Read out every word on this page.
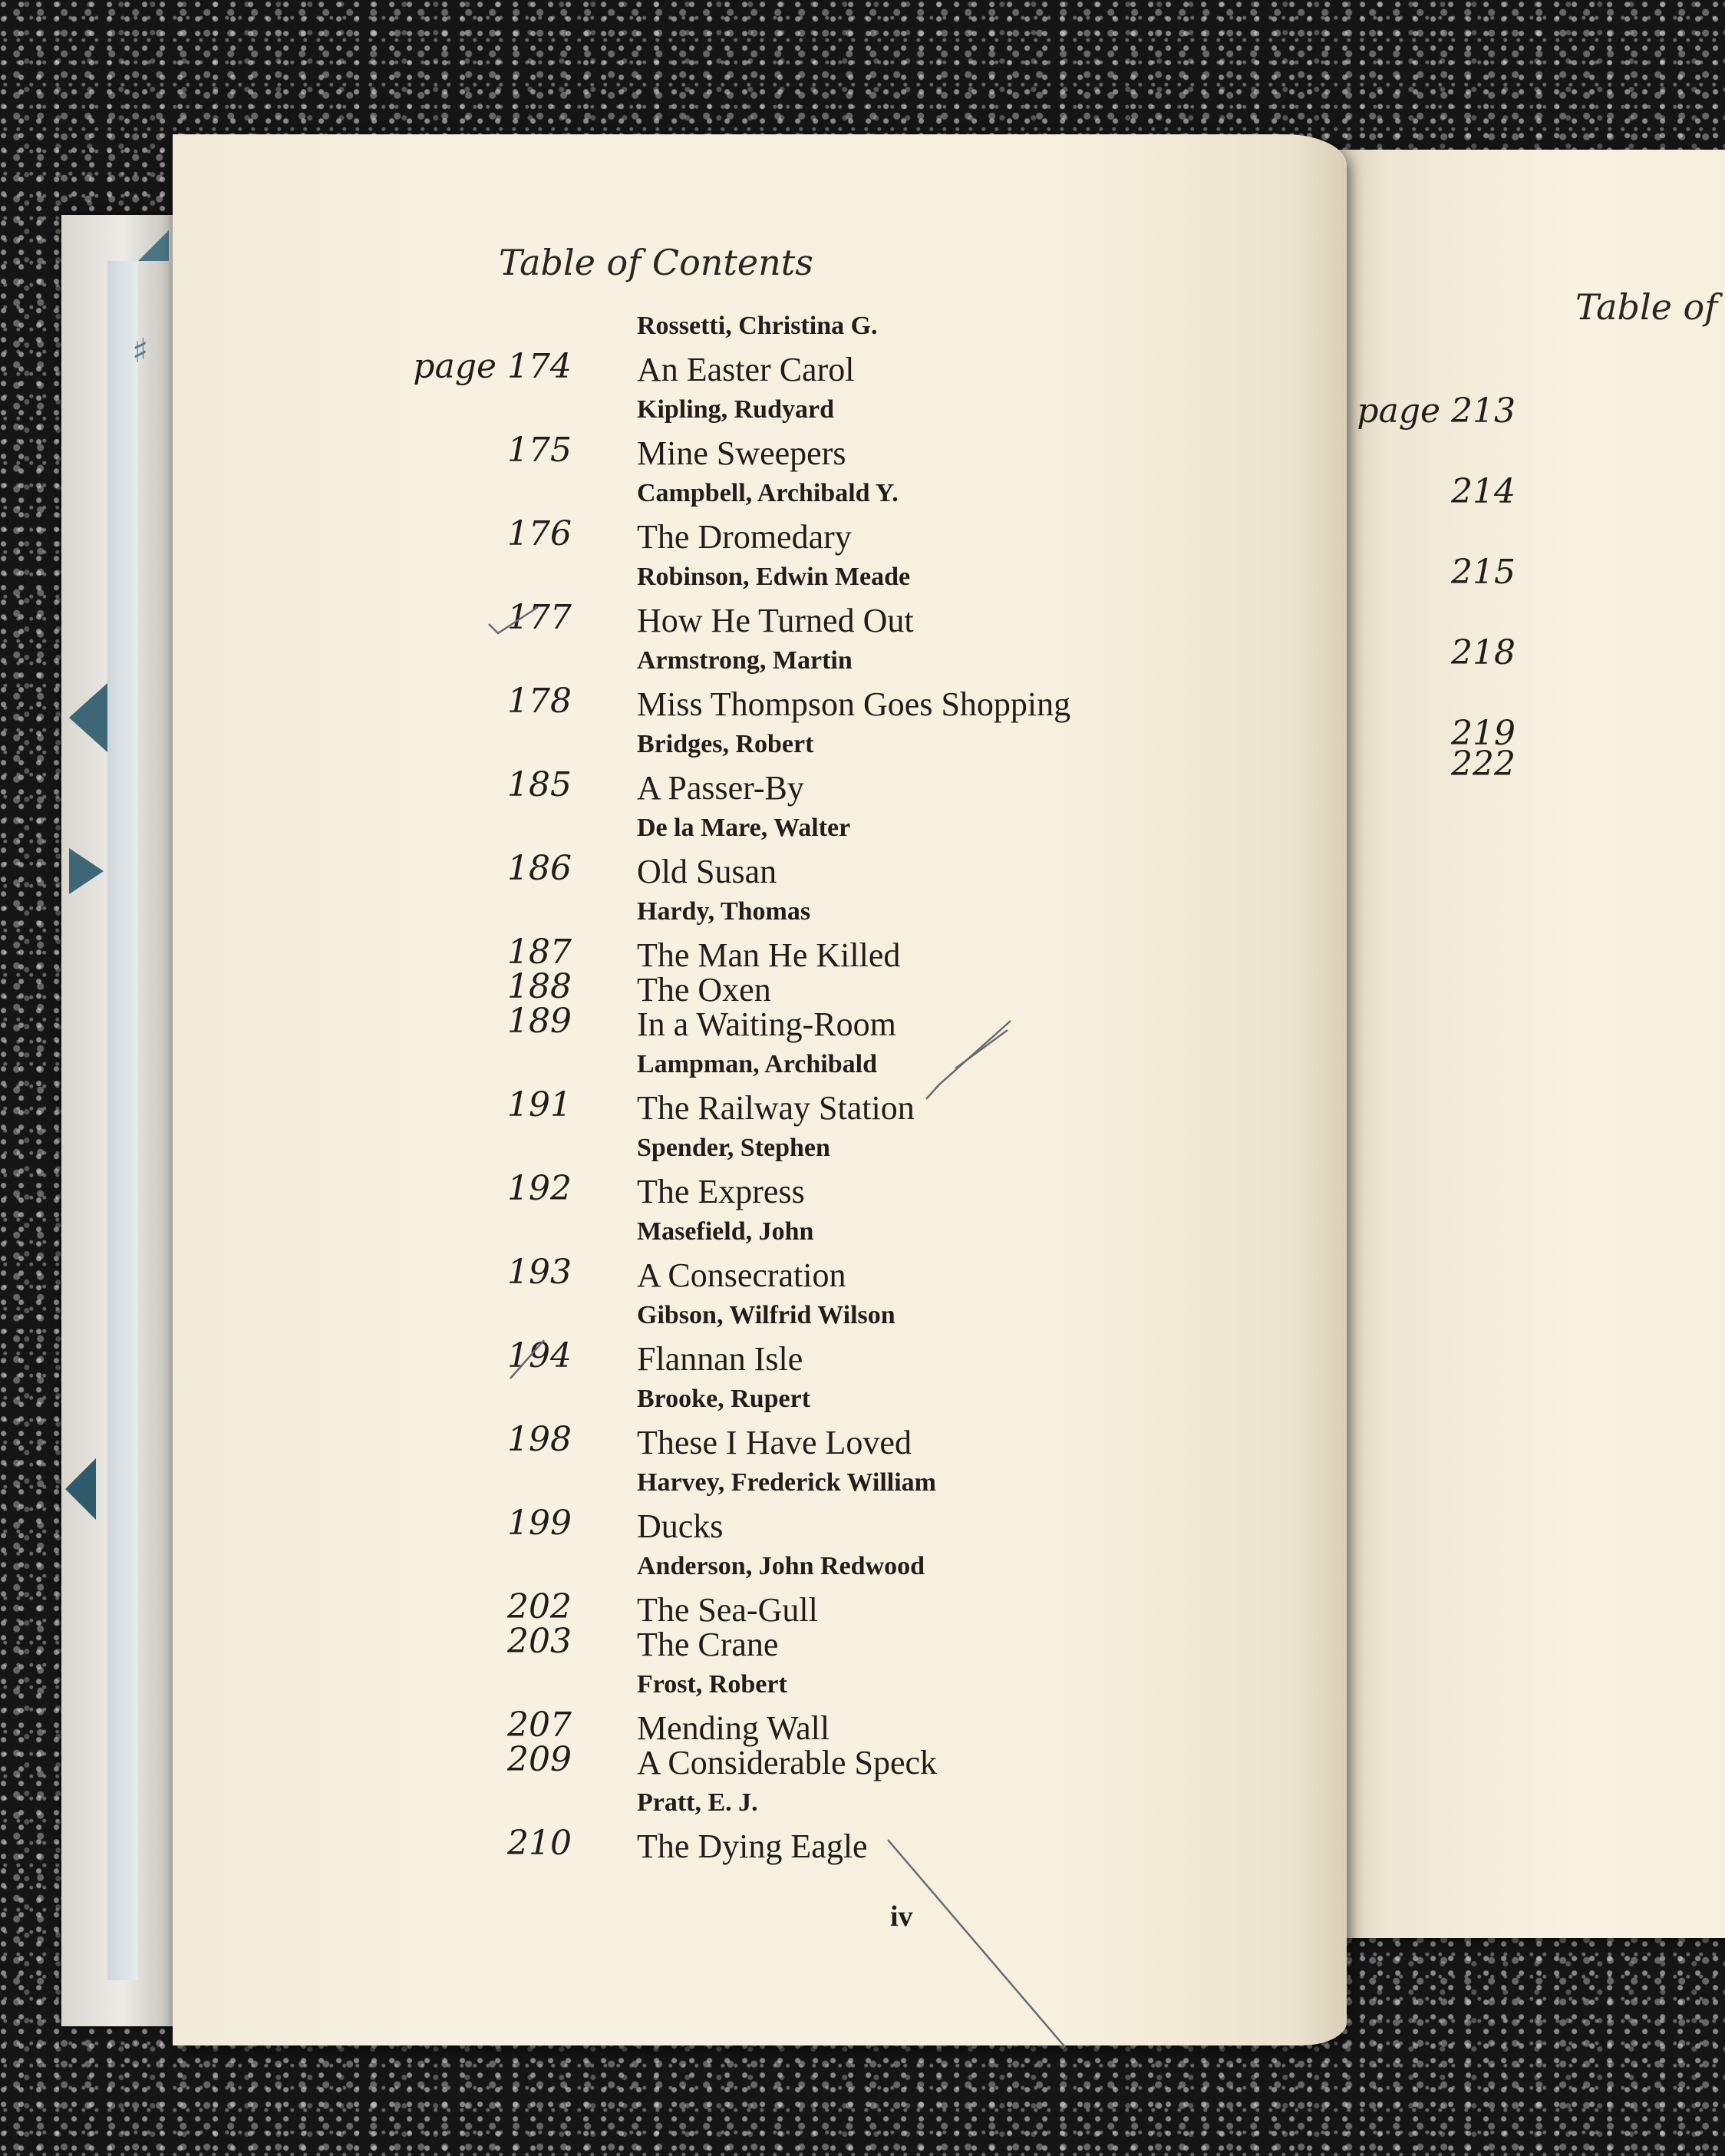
♯
Table of
page 213
214
215
218
219
222
Table of Contents
Rossetti, Christina G.
page 174 An Easter Carol
Kipling, Rudyard
175 Mine Sweepers
Campbell, Archibald Y.
176 The Dromedary
Robinson, Edwin Meade
177 How He Turned Out
Armstrong, Martin
178 Miss Thompson Goes Shopping
Bridges, Robert
185 A Passer-By
De la Mare, Walter
186 Old Susan
Hardy, Thomas
187 The Man He Killed
188 The Oxen
189 In a Waiting-Room
Lampman, Archibald
191 The Railway Station
Spender, Stephen
192 The Express
Masefield, John
193 A Consecration
Gibson, Wilfrid Wilson
194 Flannan Isle
Brooke, Rupert
198 These I Have Loved
Harvey, Frederick William
199 Ducks
Anderson, John Redwood
202 The Sea-Gull
203 The Crane
Frost, Robert
207 Mending Wall
209 A Considerable Speck
Pratt, E. J.
210 The Dying Eagle
iv
